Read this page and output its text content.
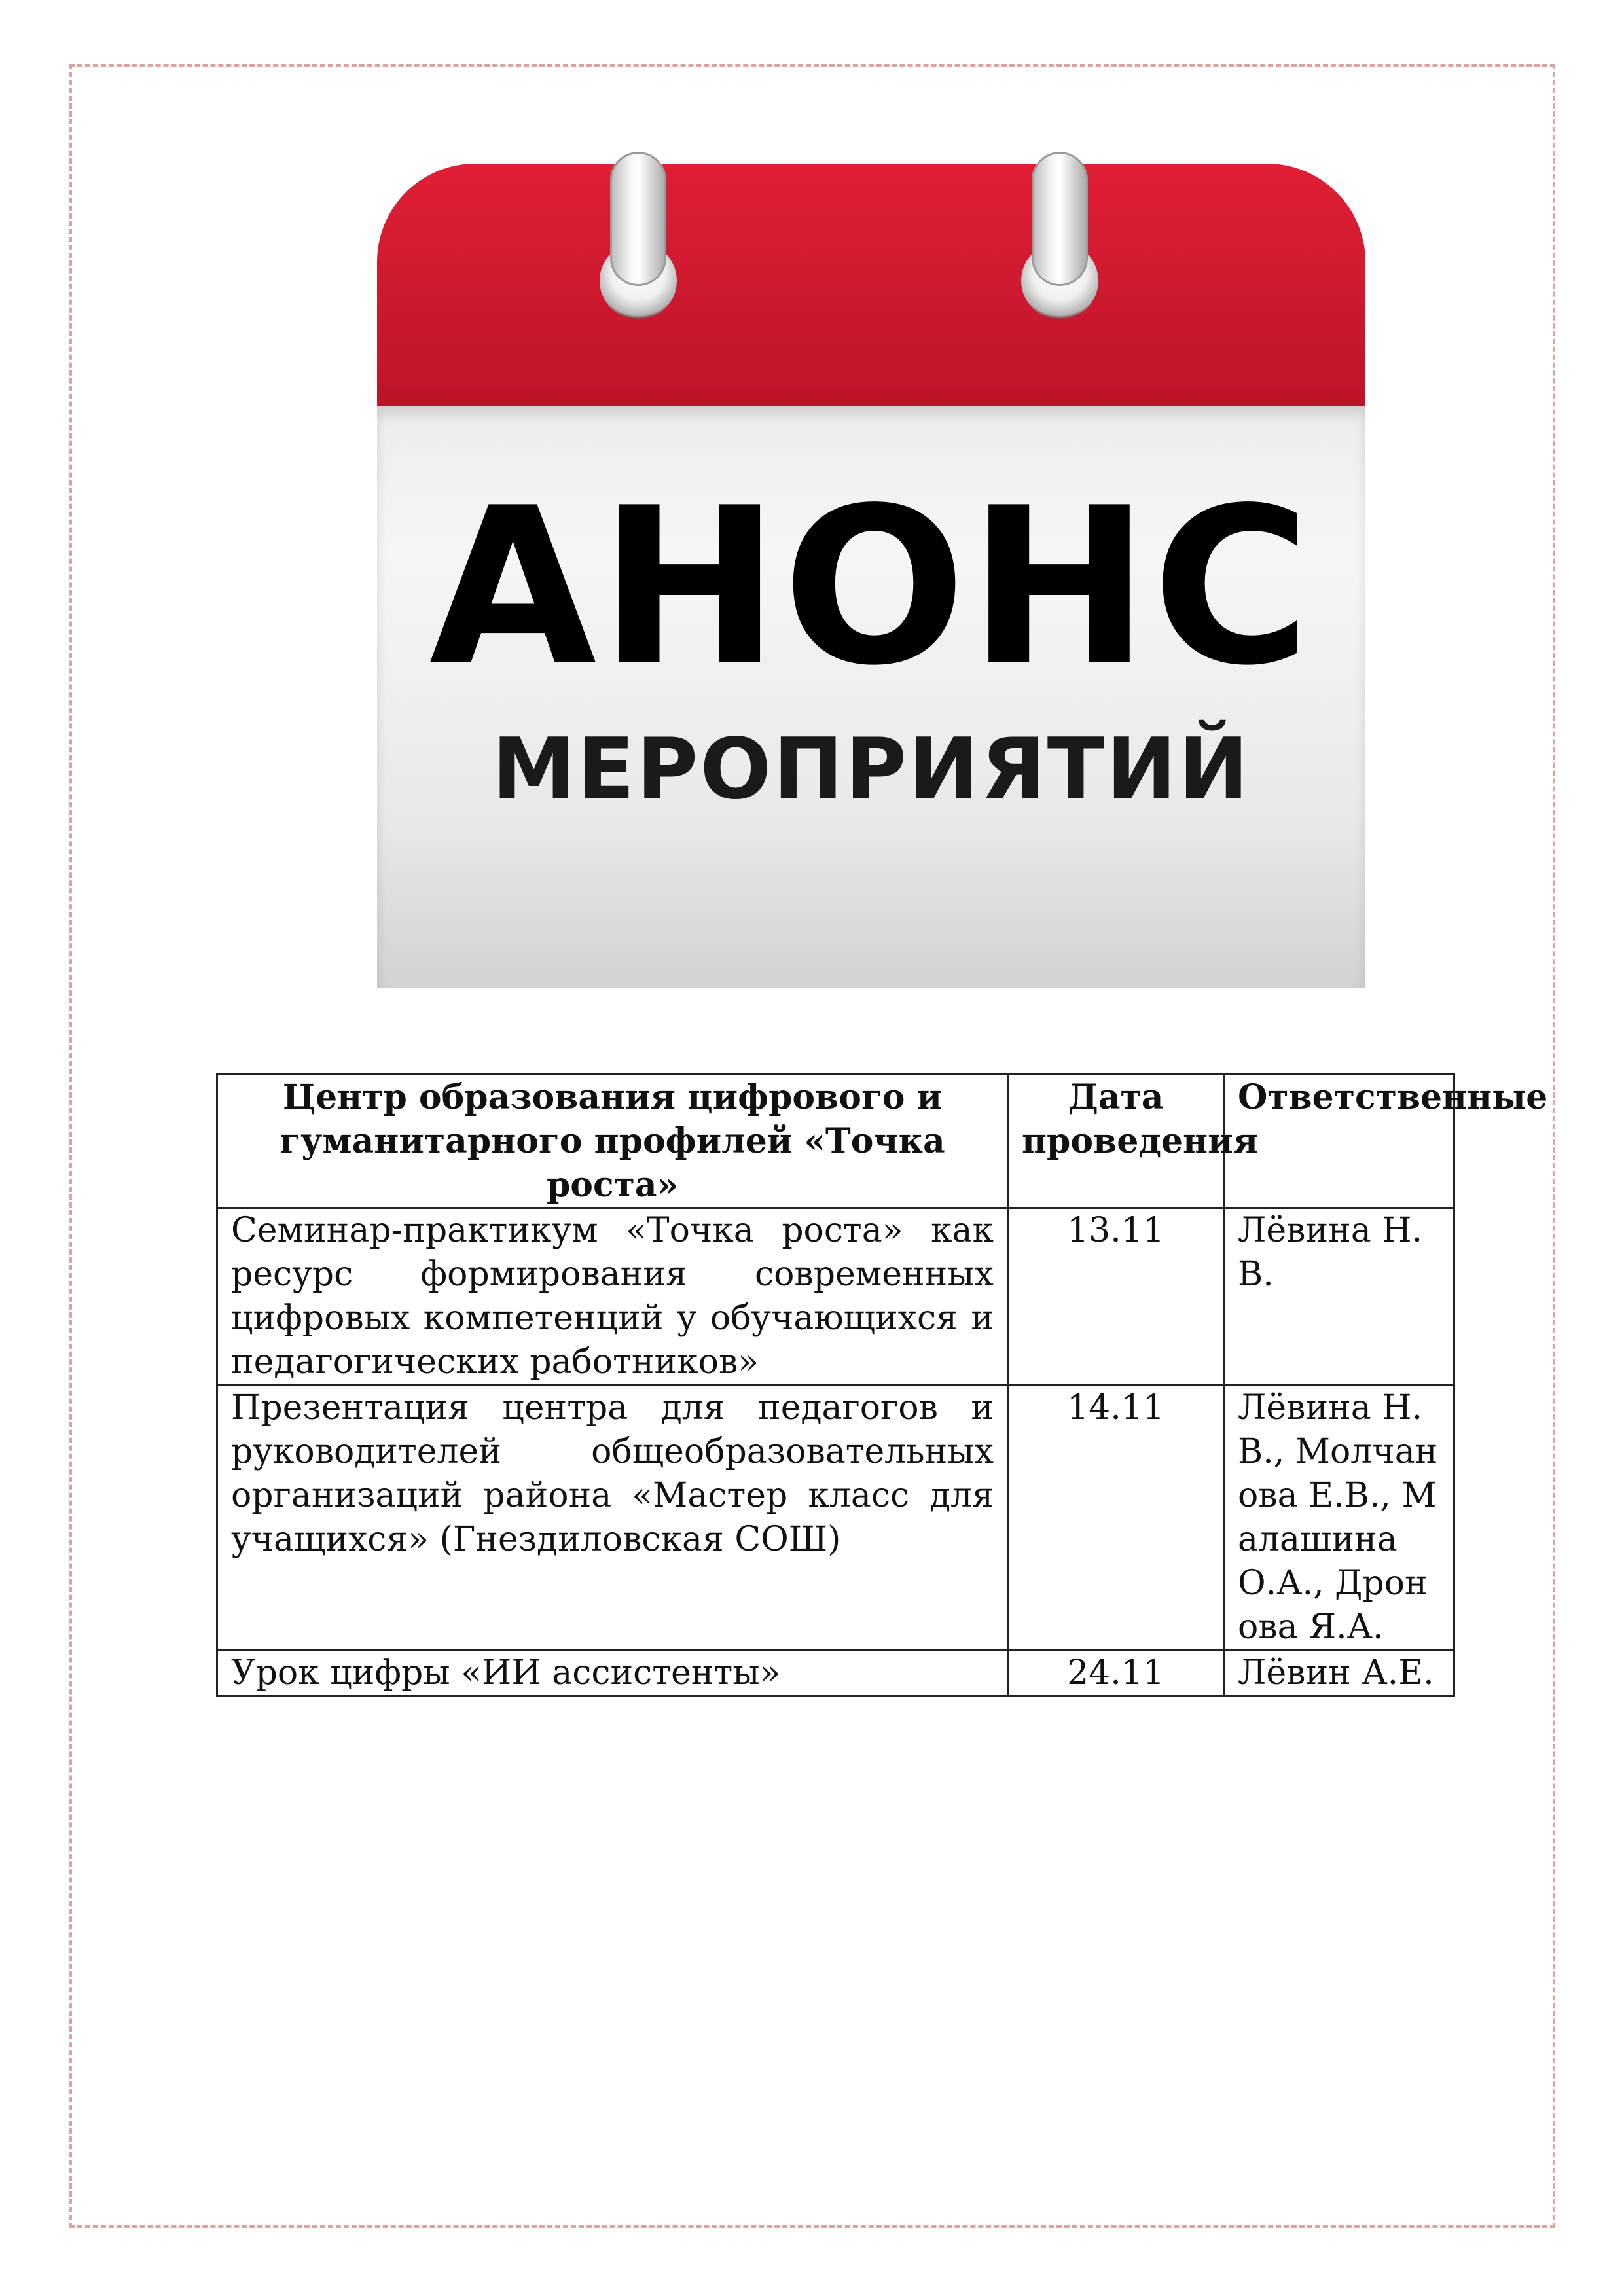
АНОНС
МЕРОПРИЯТИЙ
Центр образования цифрового и гуманитарного профилей «Точка роста»	Дата проведения	Ответственные
Семинар-практикум «Точка роста» как ресурс формирования современных цифровых компетенций у обучающихся и педагогических работников»	13.11	Лёвина Н.В.
Презентация центра для педагогов и руководителей общеобразовательных организаций района «Мастер класс для учащихся» (Гнездиловская СОШ)	14.11	Лёвина Н.В., Молчанова Е.В., Малашина О.А., Дронова Я.А.
Урок цифры «ИИ ассистенты»	24.11	Лёвин А.Е.
